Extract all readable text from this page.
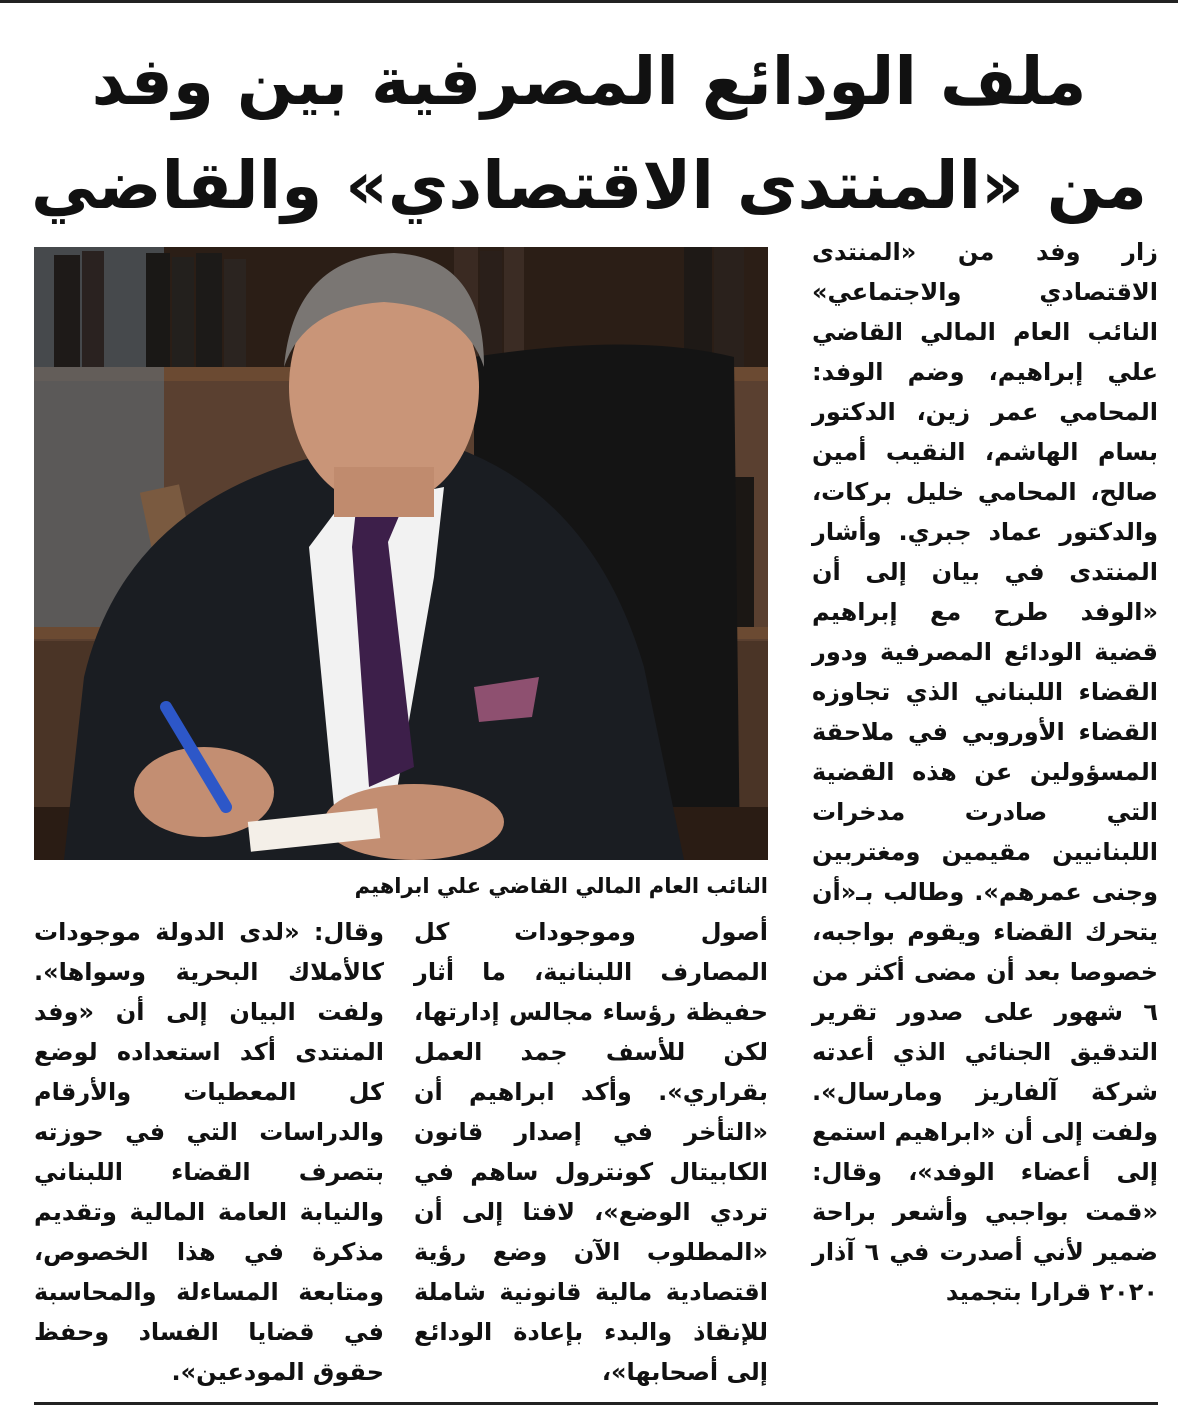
ملف الودائع المصرفية بين وفد
من «المنتدى الاقتصادي» والقاضي

النائب العام المالي القاضي علي ابراهيم

زار وفد من «المنتدى الاقتصادي والاجتماعي» النائب العام المالي القاضي علي إبراهيم، وضم الوفد: المحامي عمر زين، الدكتور بسام الهاشم، النقيب أمين صالح، المحامي خليل بركات، والدكتور عماد جبري. وأشار المنتدى في بيان إلى أن «الوفد طرح مع إبراهيم قضية الودائع المصرفية ودور القضاء اللبناني الذي تجاوزه القضاء الأوروبي في ملاحقة المسؤولين عن هذه القضية التي صادرت مدخرات اللبنانيين مقيمين ومغتربين وجنى عمرهم». وطالب بـ«أن يتحرك القضاء ويقوم بواجبه، خصوصا بعد أن مضى أكثر من ٦ شهور على صدور تقرير التدقيق الجنائي الذي أعدته شركة آلفاريز ومارسال». ولفت إلى أن «ابراهيم استمع إلى أعضاء الوفد»، وقال: «قمت بواجبي وأشعر براحة ضمير لأني أصدرت في ٦ آذار ٢٠٢٠ قرارا بتجميد

أصول وموجودات كل المصارف اللبنانية، ما أثار حفيظة رؤساء مجالس إدارتها، لكن للأسف جمد العمل بقراري». وأكد ابراهيم أن «التأخر في إصدار قانون الكابيتال كونترول ساهم في تردي الوضع»، لافتا إلى أن «المطلوب الآن وضع رؤية اقتصادية مالية قانونية شاملة للإنقاذ والبدء بإعادة الودائع إلى أصحابها»،

وقال: «لدى الدولة موجودات كالأملاك البحرية وسواها». ولفت البيان إلى أن «وفد المنتدى أكد استعداده لوضع كل المعطيات والأرقام والدراسات التي في حوزته بتصرف القضاء اللبناني والنيابة العامة المالية وتقديم مذكرة في هذا الخصوص، ومتابعة المساءلة والمحاسبة في قضايا الفساد وحفظ حقوق المودعين».
